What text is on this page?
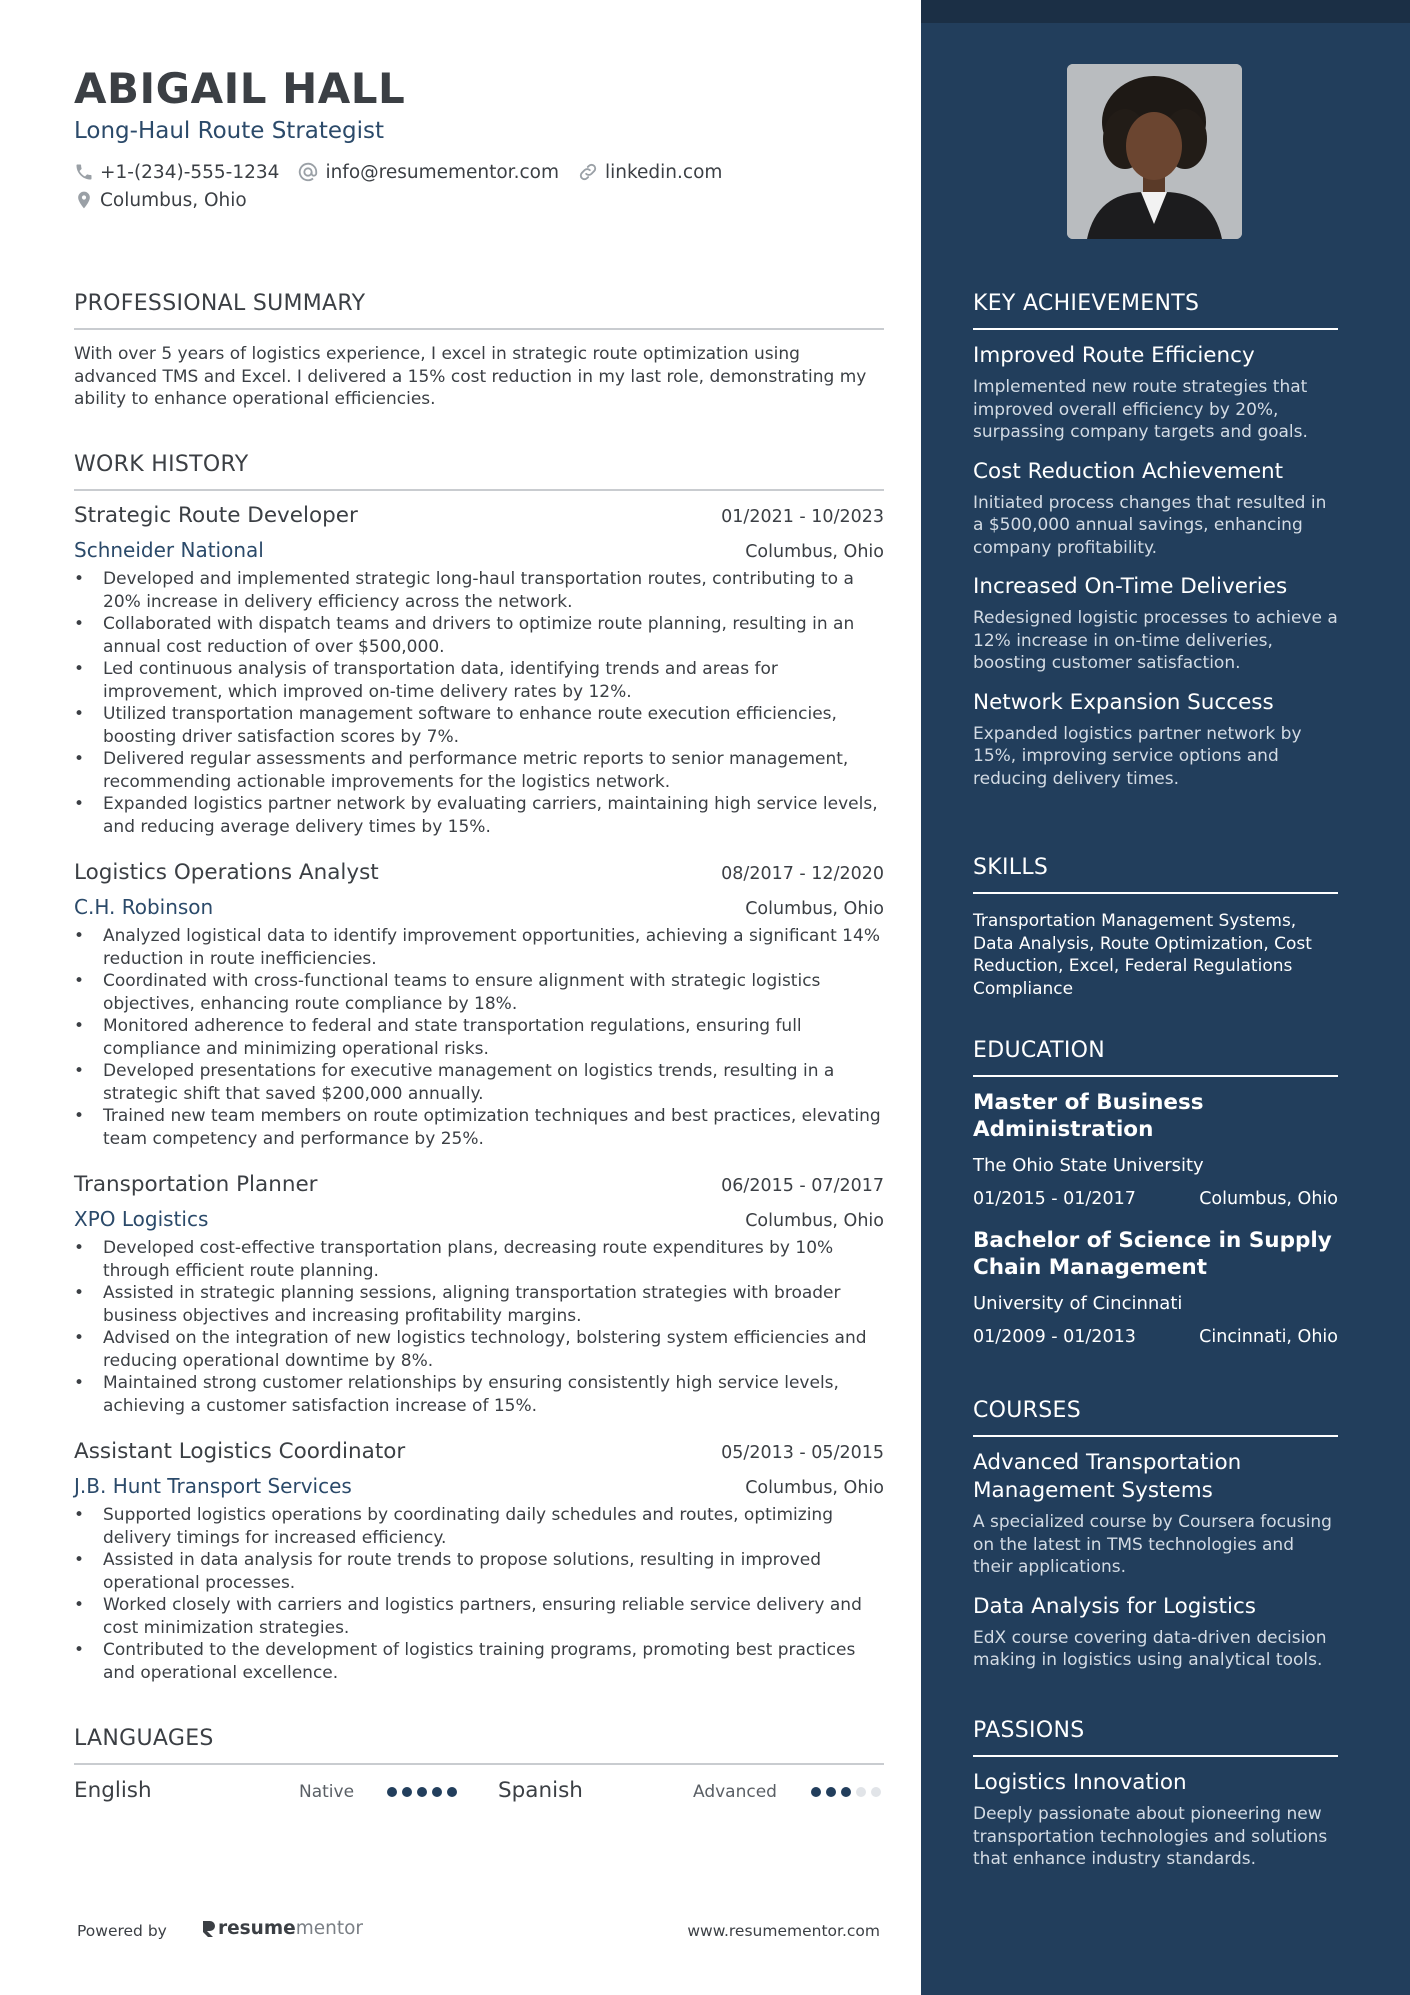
ABIGAIL HALL
Long-Haul Route Strategist
+1-(234)-555-1234 info@resumementor.com linkedin.com
Columbus, Ohio
PROFESSIONAL SUMMARY
With over 5 years of logistics experience, I excel in strategic route optimization using advanced TMS and Excel. I delivered a 15% cost reduction in my last role, demonstrating my ability to enhance operational efficiencies.
WORK HISTORY
Strategic Route Developer	01/2021 - 10/2023
Schneider National	Columbus, Ohio
• Developed and implemented strategic long-haul transportation routes, contributing to a 20% increase in delivery efficiency across the network.
• Collaborated with dispatch teams and drivers to optimize route planning, resulting in an annual cost reduction of over $500,000.
• Led continuous analysis of transportation data, identifying trends and areas for improvement, which improved on-time delivery rates by 12%.
• Utilized transportation management software to enhance route execution efficiencies, boosting driver satisfaction scores by 7%.
• Delivered regular assessments and performance metric reports to senior management, recommending actionable improvements for the logistics network.
• Expanded logistics partner network by evaluating carriers, maintaining high service levels, and reducing average delivery times by 15%.
Logistics Operations Analyst	08/2017 - 12/2020
C.H. Robinson	Columbus, Ohio
• Analyzed logistical data to identify improvement opportunities, achieving a significant 14% reduction in route inefficiencies.
• Coordinated with cross-functional teams to ensure alignment with strategic logistics objectives, enhancing route compliance by 18%.
• Monitored adherence to federal and state transportation regulations, ensuring full compliance and minimizing operational risks.
• Developed presentations for executive management on logistics trends, resulting in a strategic shift that saved $200,000 annually.
• Trained new team members on route optimization techniques and best practices, elevating team competency and performance by 25%.
Transportation Planner	06/2015 - 07/2017
XPO Logistics	Columbus, Ohio
• Developed cost-effective transportation plans, decreasing route expenditures by 10% through efficient route planning.
• Assisted in strategic planning sessions, aligning transportation strategies with broader business objectives and increasing profitability margins.
• Advised on the integration of new logistics technology, bolstering system efficiencies and reducing operational downtime by 8%.
• Maintained strong customer relationships by ensuring consistently high service levels, achieving a customer satisfaction increase of 15%.
Assistant Logistics Coordinator	05/2013 - 05/2015
J.B. Hunt Transport Services	Columbus, Ohio
• Supported logistics operations by coordinating daily schedules and routes, optimizing delivery timings for increased efficiency.
• Assisted in data analysis for route trends to propose solutions, resulting in improved operational processes.
• Worked closely with carriers and logistics partners, ensuring reliable service delivery and cost minimization strategies.
• Contributed to the development of logistics training programs, promoting best practices and operational excellence.
LANGUAGES
English	Native	Spanish	Advanced
Powered by	resume mentor	www.resumementor.com
KEY ACHIEVEMENTS
Improved Route Efficiency
Implemented new route strategies that improved overall efficiency by 20%, surpassing company targets and goals.
Cost Reduction Achievement
Initiated process changes that resulted in a $500,000 annual savings, enhancing company profitability.
Increased On-Time Deliveries
Redesigned logistic processes to achieve a 12% increase in on-time deliveries, boosting customer satisfaction.
Network Expansion Success
Expanded logistics partner network by 15%, improving service options and reducing delivery times.
SKILLS
Transportation Management Systems, Data Analysis, Route Optimization, Cost Reduction, Excel, Federal Regulations Compliance
EDUCATION
Master of Business Administration
The Ohio State University
01/2015 - 01/2017	Columbus, Ohio
Bachelor of Science in Supply Chain Management
University of Cincinnati
01/2009 - 01/2013	Cincinnati, Ohio
COURSES
Advanced Transportation Management Systems
A specialized course by Coursera focusing on the latest in TMS technologies and their applications.
Data Analysis for Logistics
EdX course covering data-driven decision making in logistics using analytical tools.
PASSIONS
Logistics Innovation
Deeply passionate about pioneering new transportation technologies and solutions that enhance industry standards.
